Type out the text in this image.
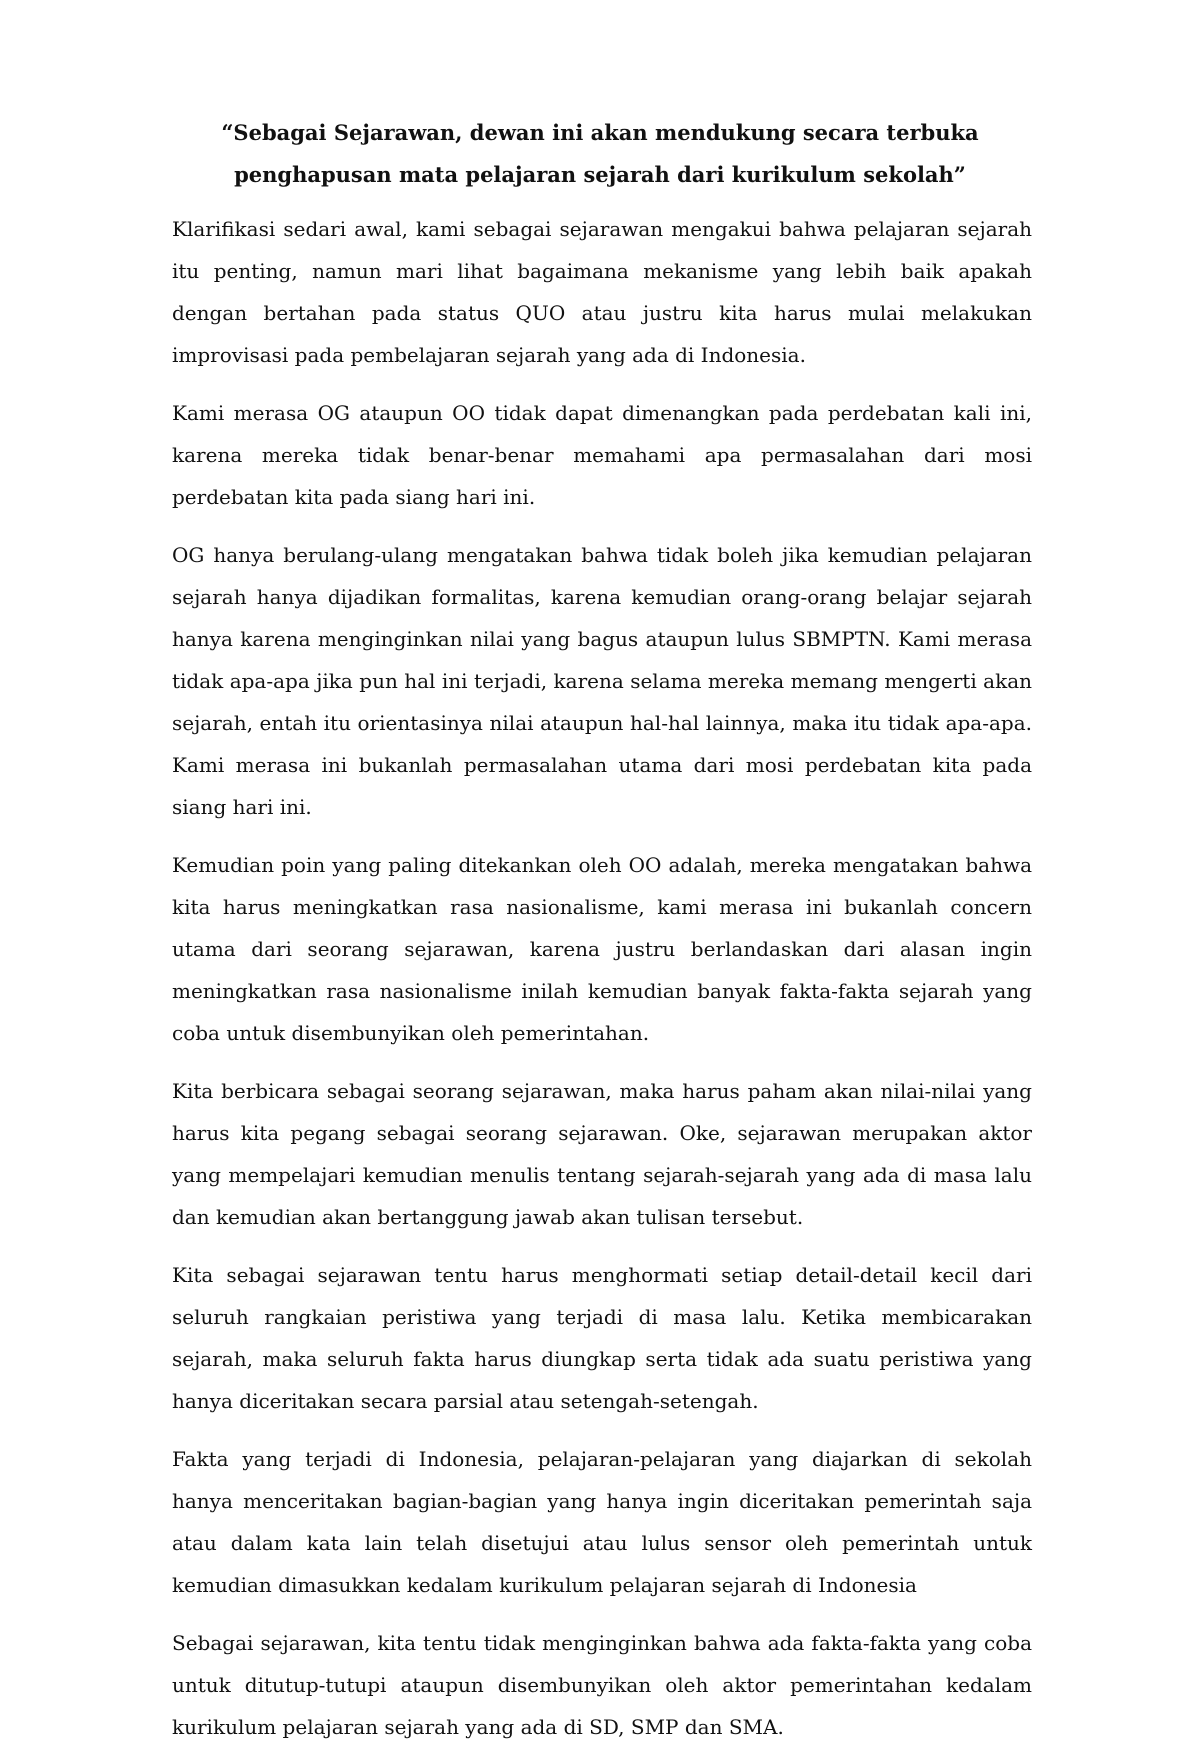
“Sebagai Sejarawan, dewan ini akan mendukung secara terbuka penghapusan mata pelajaran sejarah dari kurikulum sekolah”

Klarifikasi sedari awal, kami sebagai sejarawan mengakui bahwa pelajaran sejarah itu penting, namun mari lihat bagaimana mekanisme yang lebih baik apakah dengan bertahan pada status QUO atau justru kita harus mulai melakukan improvisasi pada pembelajaran sejarah yang ada di Indonesia.

Kami merasa OG ataupun OO tidak dapat dimenangkan pada perdebatan kali ini, karena mereka tidak benar-benar memahami apa permasalahan dari mosi perdebatan kita pada siang hari ini.

OG hanya berulang-ulang mengatakan bahwa tidak boleh jika kemudian pelajaran sejarah hanya dijadikan formalitas, karena kemudian orang-orang belajar sejarah hanya karena menginginkan nilai yang bagus ataupun lulus SBMPTN. Kami merasa tidak apa-apa jika pun hal ini terjadi, karena selama mereka memang mengerti akan sejarah, entah itu orientasinya nilai ataupun hal-hal lainnya, maka itu tidak apa-apa. Kami merasa ini bukanlah permasalahan utama dari mosi perdebatan kita pada siang hari ini.

Kemudian poin yang paling ditekankan oleh OO adalah, mereka mengatakan bahwa kita harus meningkatkan rasa nasionalisme, kami merasa ini bukanlah concern utama dari seorang sejarawan, karena justru berlandaskan dari alasan ingin meningkatkan rasa nasionalisme inilah kemudian banyak fakta-fakta sejarah yang coba untuk disembunyikan oleh pemerintahan.

Kita berbicara sebagai seorang sejarawan, maka harus paham akan nilai-nilai yang harus kita pegang sebagai seorang sejarawan. Oke, sejarawan merupakan aktor yang mempelajari kemudian menulis tentang sejarah-sejarah yang ada di masa lalu dan kemudian akan bertanggung jawab akan tulisan tersebut.

Kita sebagai sejarawan tentu harus menghormati setiap detail-detail kecil dari seluruh rangkaian peristiwa yang terjadi di masa lalu. Ketika membicarakan sejarah, maka seluruh fakta harus diungkap serta tidak ada suatu peristiwa yang hanya diceritakan secara parsial atau setengah-setengah.

Fakta yang terjadi di Indonesia, pelajaran-pelajaran yang diajarkan di sekolah hanya menceritakan bagian-bagian yang hanya ingin diceritakan pemerintah saja atau dalam kata lain telah disetujui atau lulus sensor oleh pemerintah untuk kemudian dimasukkan kedalam kurikulum pelajaran sejarah di Indonesia

Sebagai sejarawan, kita tentu tidak menginginkan bahwa ada fakta-fakta yang coba untuk ditutup-tutupi ataupun disembunyikan oleh aktor pemerintahan kedalam kurikulum pelajaran sejarah yang ada di SD, SMP dan SMA.
